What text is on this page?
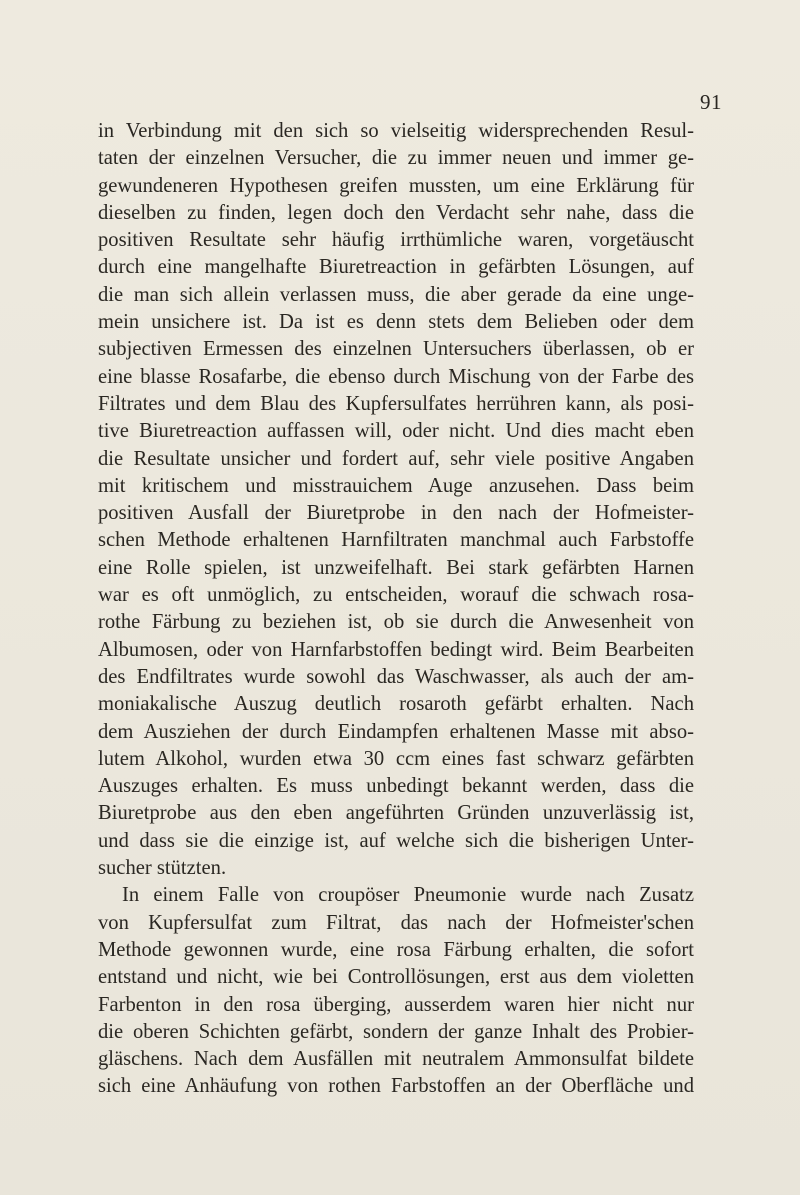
91
in Verbindung mit den sich so vielseitig widersprechenden Resul-
taten der einzelnen Versucher, die zu immer neuen und immer ge-
gewundeneren Hypothesen greifen mussten, um eine Erklärung für
dieselben zu finden, legen doch den Verdacht sehr nahe, dass die
positiven Resultate sehr häufig irrthümliche waren, vorgetäuscht
durch eine mangelhafte Biuretreaction in gefärbten Lösungen, auf
die man sich allein verlassen muss, die aber gerade da eine unge-
mein unsichere ist. Da ist es denn stets dem Belieben oder dem
subjectiven Ermessen des einzelnen Untersuchers überlassen, ob er
eine blasse Rosafarbe, die ebenso durch Mischung von der Farbe des
Filtrates und dem Blau des Kupfersulfates herrühren kann, als posi-
tive Biuretreaction auffassen will, oder nicht. Und dies macht eben
die Resultate unsicher und fordert auf, sehr viele positive Angaben
mit kritischem und misstrauichem Auge anzusehen. Dass beim
positiven Ausfall der Biuretprobe in den nach der Hofmeister-
schen Methode erhaltenen Harnfiltraten manchmal auch Farbstoffe
eine Rolle spielen, ist unzweifelhaft. Bei stark gefärbten Harnen
war es oft unmöglich, zu entscheiden, worauf die schwach rosa-
rothe Färbung zu beziehen ist, ob sie durch die Anwesenheit von
Albumosen, oder von Harnfarbstoffen bedingt wird. Beim Bearbeiten
des Endfiltrates wurde sowohl das Waschwasser, als auch der am-
moniakalische Auszug deutlich rosaroth gefärbt erhalten. Nach
dem Ausziehen der durch Eindampfen erhaltenen Masse mit abso-
lutem Alkohol, wurden etwa 30 ccm eines fast schwarz gefärbten
Auszuges erhalten. Es muss unbedingt bekannt werden, dass die
Biuretprobe aus den eben angeführten Gründen unzuverlässig ist,
und dass sie die einzige ist, auf welche sich die bisherigen Unter-
sucher stützten.
In einem Falle von croupöser Pneumonie wurde nach Zusatz
von Kupfersulfat zum Filtrat, das nach der Hofmeister'schen
Methode gewonnen wurde, eine rosa Färbung erhalten, die sofort
entstand und nicht, wie bei Controllösungen, erst aus dem violetten
Farbenton in den rosa überging, ausserdem waren hier nicht nur
die oberen Schichten gefärbt, sondern der ganze Inhalt des Probier-
gläschens. Nach dem Ausfällen mit neutralem Ammonsulfat bildete
sich eine Anhäufung von rothen Farbstoffen an der Oberfläche und
